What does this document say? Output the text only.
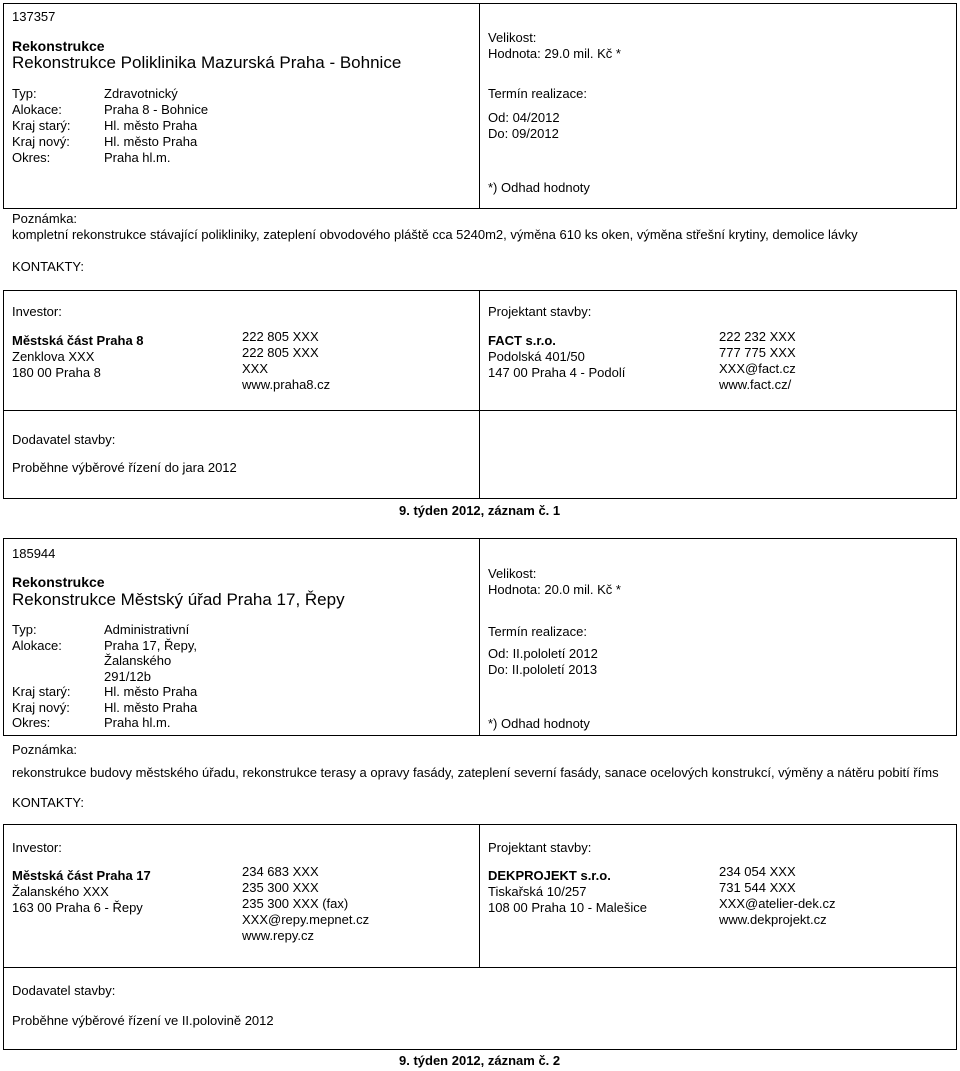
137357
Rekonstrukce
Rekonstrukce Poliklinika Mazurská Praha - Bohnice
Typ:
Alokace:
Kraj starý:
Kraj nový:
Okres:
Zdravotnický
Praha 8 - Bohnice
Hl. město Praha
Hl. město Praha
Praha hl.m.
Velikost:
Hodnota: 29.0 mil. Kč *
Termín realizace:
Od: 04/2012
Do: 09/2012
*) Odhad hodnoty
Poznámka:
kompletní rekonstrukce stávající polikliniky, zateplení obvodového pláště cca 5240m2, výměna 610 ks oken, výměna střešní krytiny, demolice lávky
KONTAKTY:
Investor:
Městská část Praha 8
Zenklova XXX
180 00 Praha 8
222 805 XXX
222 805 XXX
XXX
www.praha8.cz
Projektant stavby:
FACT s.r.o.
Podolská 401/50
147 00 Praha 4 - Podolí
222 232 XXX
777 775 XXX
XXX@fact.cz
www.fact.cz/
Dodavatel stavby:
Proběhne výběrové řízení do jara 2012
9. týden 2012, záznam č. 1
185944
Rekonstrukce
Rekonstrukce Městský úřad Praha 17, Řepy
Typ:
Alokace:

Kraj starý:
Kraj nový:
Okres:
Administrativní
Praha 17, Řepy,
Žalanského
291/12b
Hl. město Praha
Hl. město Praha
Praha hl.m.
Velikost:
Hodnota: 20.0 mil. Kč *
Termín realizace:
Od: II.pololetí 2012
Do: II.pololetí 2013
*) Odhad hodnoty
Poznámka:
rekonstrukce budovy městského úřadu, rekonstrukce terasy a opravy fasády, zateplení severní fasády, sanace ocelových konstrukcí, výměny a nátěru pobití říms
KONTAKTY:
Investor:
Městská část Praha 17
Žalanského XXX
163 00 Praha 6 - Řepy
234 683 XXX
235 300 XXX
235 300 XXX (fax)
XXX@repy.mepnet.cz
www.repy.cz
Projektant stavby:
DEKPROJEKT s.r.o.
Tiskařská 10/257
108 00 Praha 10 - Malešice
234 054 XXX
731 544 XXX
XXX@atelier-dek.cz
www.dekprojekt.cz
Dodavatel stavby:
Proběhne výběrové řízení ve II.polovině 2012
9. týden 2012, záznam č. 2
